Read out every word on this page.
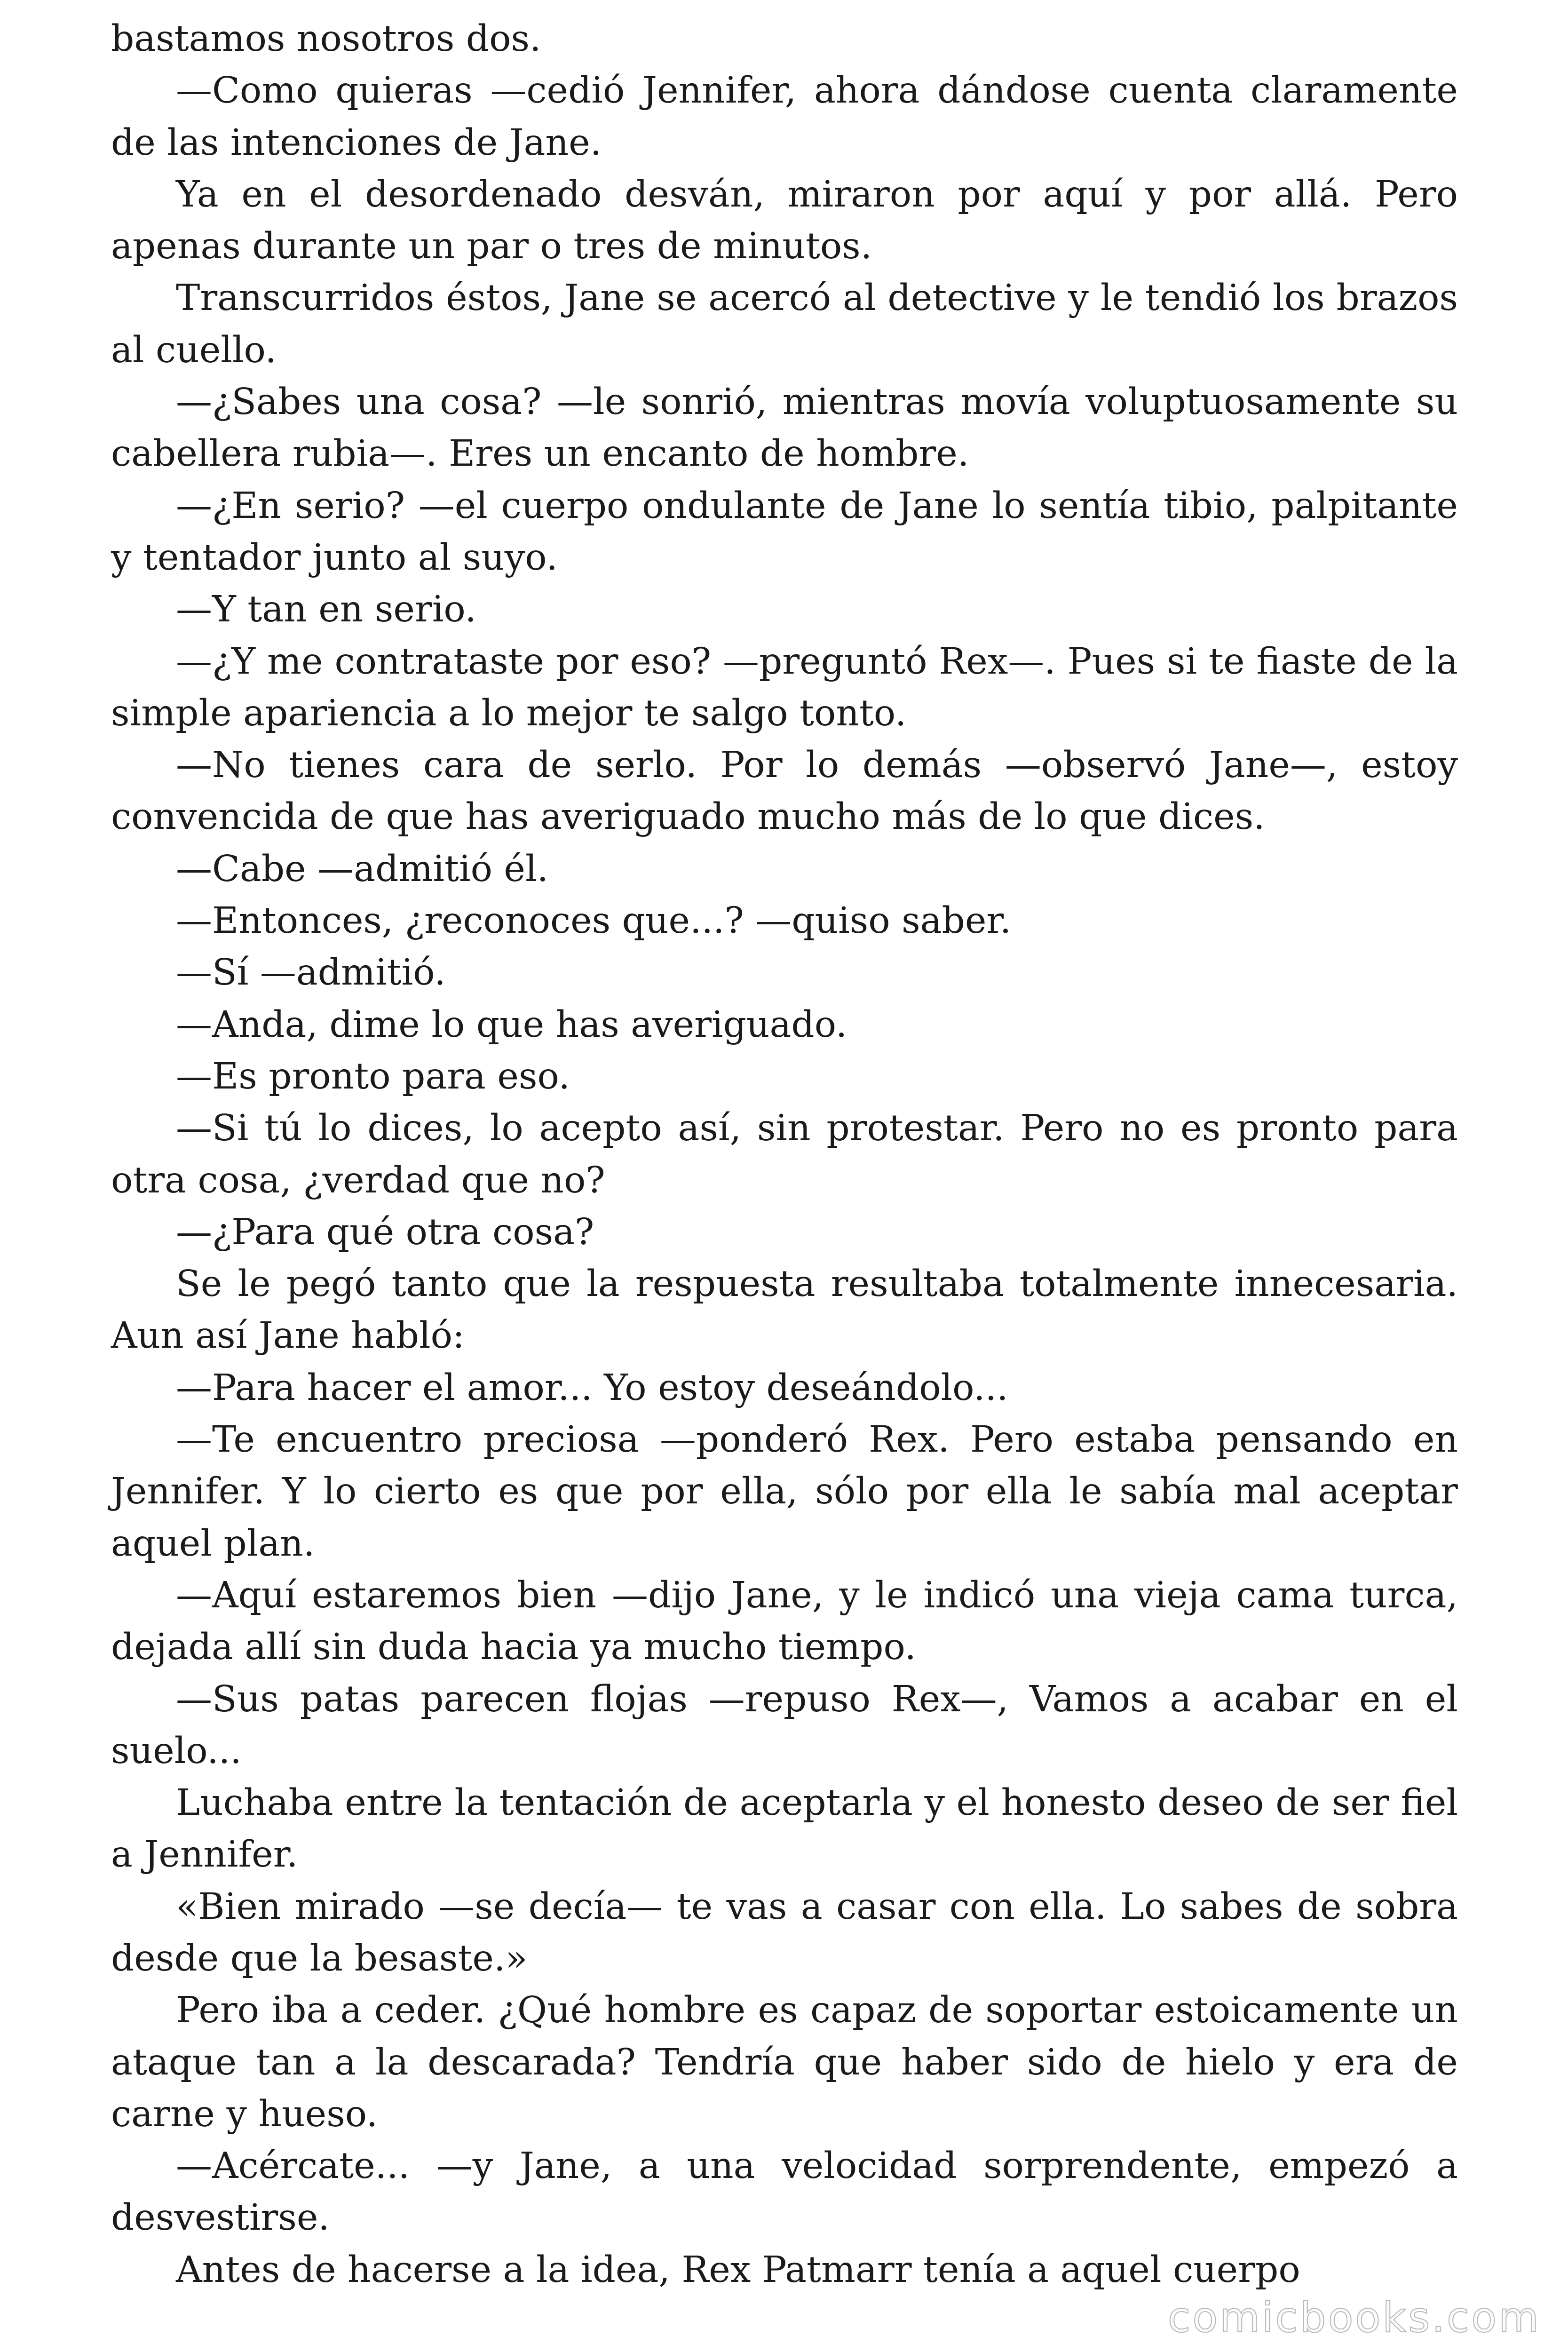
bastamos nosotros dos.

—Como quieras —cedió Jennifer, ahora dándose cuenta claramente de las intenciones de Jane.

Ya en el desordenado desván, miraron por aquí y por allá. Pero apenas durante un par o tres de minutos.

Transcurridos éstos, Jane se acercó al detective y le tendió los brazos al cuello.

—¿Sabes una cosa? —le sonrió, mientras movía voluptuosamente su cabellera rubia—. Eres un encanto de hombre.

—¿En serio? —el cuerpo ondulante de Jane lo sentía tibio, palpitante y tentador junto al suyo.

—Y tan en serio.

—¿Y me contrataste por eso? —preguntó Rex—. Pues si te fiaste de la simple apariencia a lo mejor te salgo tonto.

—No tienes cara de serlo. Por lo demás —observó Jane—, estoy convencida de que has averiguado mucho más de lo que dices.

—Cabe —admitió él.

—Entonces, ¿reconoces que...? —quiso saber.

—Sí —admitió.

—Anda, dime lo que has averiguado.

—Es pronto para eso.

—Si tú lo dices, lo acepto así, sin protestar. Pero no es pronto para otra cosa, ¿verdad que no?

—¿Para qué otra cosa?

Se le pegó tanto que la respuesta resultaba totalmente innecesaria. Aun así Jane habló:

—Para hacer el amor... Yo estoy deseándolo...

—Te encuentro preciosa —ponderó Rex. Pero estaba pensando en Jennifer. Y lo cierto es que por ella, sólo por ella le sabía mal aceptar aquel plan.

—Aquí estaremos bien —dijo Jane, y le indicó una vieja cama turca, dejada allí sin duda hacia ya mucho tiempo.

—Sus patas parecen flojas —repuso Rex—, Vamos a acabar en el suelo...

Luchaba entre la tentación de aceptarla y el honesto deseo de ser fiel a Jennifer.

«Bien mirado —se decía— te vas a casar con ella. Lo sabes de sobra desde que la besaste.»

Pero iba a ceder. ¿Qué hombre es capaz de soportar estoicamente un ataque tan a la descarada? Tendría que haber sido de hielo y era de carne y hueso.

—Acércate... —y Jane, a una velocidad sorprendente, empezó a desvestirse.

Antes de hacerse a la idea, Rex Patmarr tenía a aquel cuerpo

comicbooks.com
